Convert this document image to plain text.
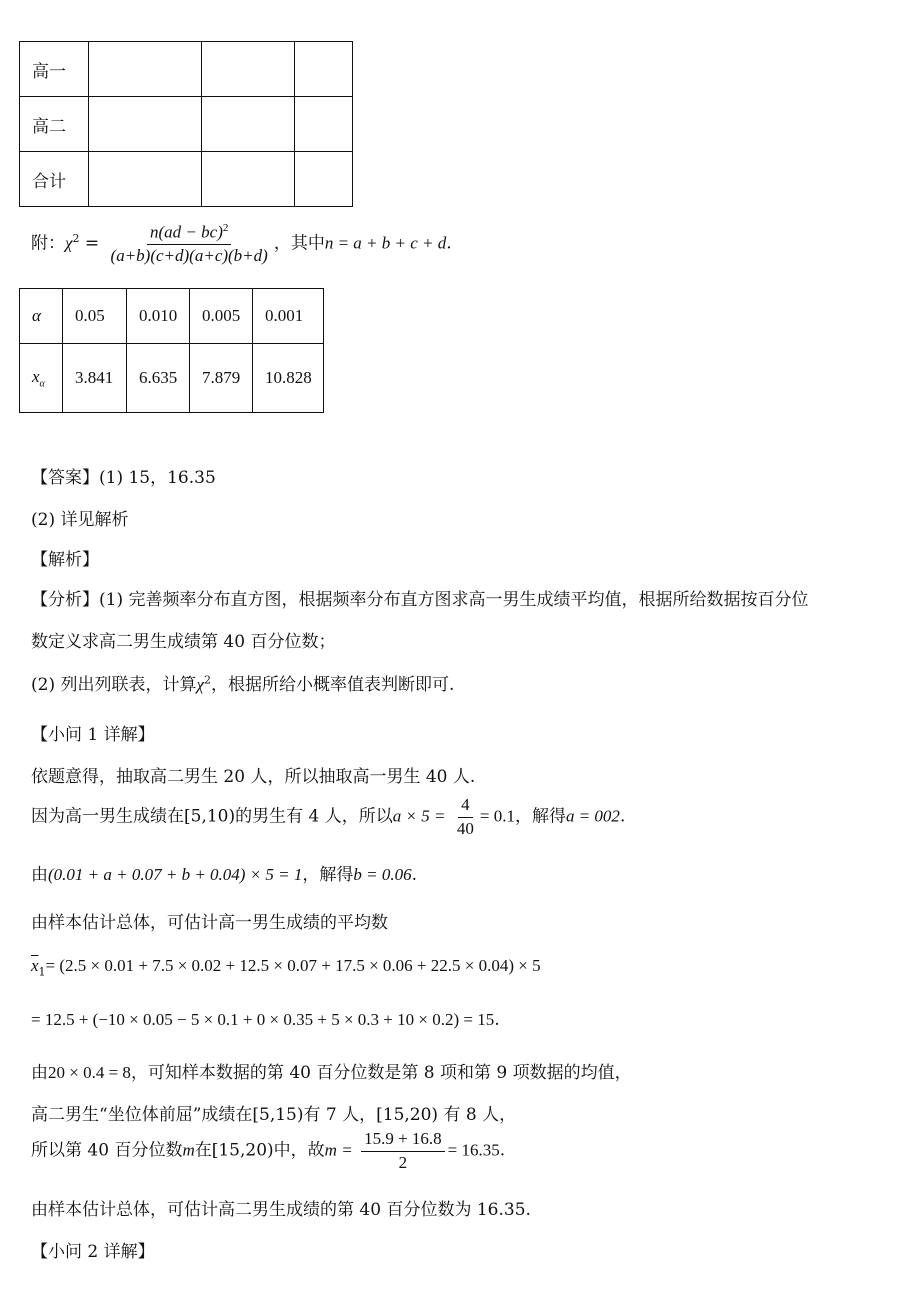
高一			
高二			
合计			
附：$\chi^2 = \frac{n(ad - bc)^2}{(a+b)(c+d)(a+c)(b+d)}$ ，其中n = a + b + c + d.
α	0.05	0.010	0.005	0.001
$x_\alpha$	3.841	6.635	7.879	10.828
【答案】(1) 15，16.35
(2) 详见解析
【解析】
【分析】(1) 完善频率分布直方图，根据频率分布直方图求高一男生成绩平均值，根据所给数据按百分位
数定义求高二男生成绩第 40 百分位数；
(2) 列出列联表，计算$\chi^2$，根据所给小概率值表判断即可.
【小问 1 详解】
依题意得，抽取高二男生 20 人，所以抽取高一男生 40 人.
因为高一男生成绩在[5,10)的男生有 4 人，所以$a \times 5 = \frac{4}{40} = 0.1$，解得a = 002.
由(0.01 + a + 0.07 + b + 0.04) × 5 = 1，解得b = 0.06.
由样本估计总体，可估计高一男生成绩的平均数
$\overline{x}_1= (2.5 \times 0.01 + 7.5 \times 0.02 + 12.5 \times 0.07 + 17.5 \times 0.06 + 22.5 \times 0.04) \times 5$
= 12.5 + (−10 × 0.05 − 5 × 0.1 + 0 × 0.35 + 5 × 0.3 + 10 × 0.2) = 15.
由20 × 0.4 = 8，可知样本数据的第 40 百分位数是第 8 项和第 9 项数据的均值，
高二男生“坐位体前屈”成绩在[5,15)有 7 人，[15,20) 有 8 人，
所以第 40 百分位数m在[15,20)中，故$m = \frac{15.9 + 16.8}{2} = 16.35$.
由样本估计总体，可估计高二男生成绩的第 40 百分位数为 16.35.
【小问 2 详解】
